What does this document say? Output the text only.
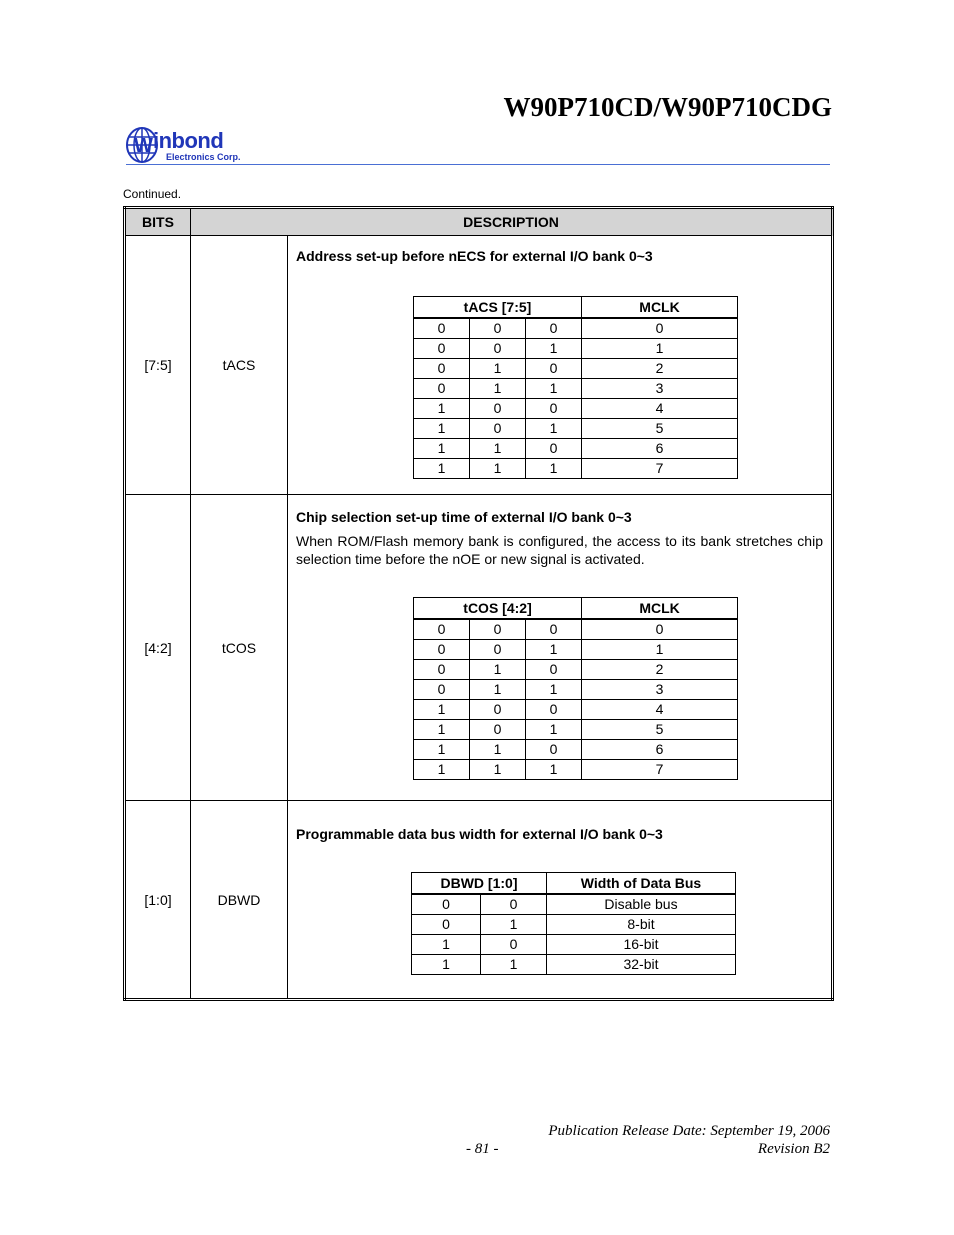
W90P710CD/W90P710CDG
W inbond
Electronics Corp.
Continued.
BITS	DESCRIPTION
[7:5]	tACS	

Address set-up before nECS for external I/O bank 0~3

tACS [7:5]	MCLK
0	0	0	0
0	0	1	1
0	1	0	2
0	1	1	3
1	0	0	4
1	0	1	5
1	1	0	6
1	1	1	7

[4:2]	tCOS	

Chip selection set-up time of external I/O bank 0~3

When ROM/Flash memory bank is configured, the access to its bank stretches chip selection time before the nOE or new signal is activated.

tCOS [4:2]	MCLK
0	0	0	0
0	0	1	1
0	1	0	2
0	1	1	3
1	0	0	4
1	0	1	5
1	1	0	6
1	1	1	7

[1:0]	DBWD	

Programmable data bus width for external I/O bank 0~3

DBWD [1:0]	Width of Data Bus
0	0	Disable bus
0	1	8-bit
1	0	16-bit
1	1	32-bit
Publication Release Date: September 19, 2006
- 81 -	Revision B2
